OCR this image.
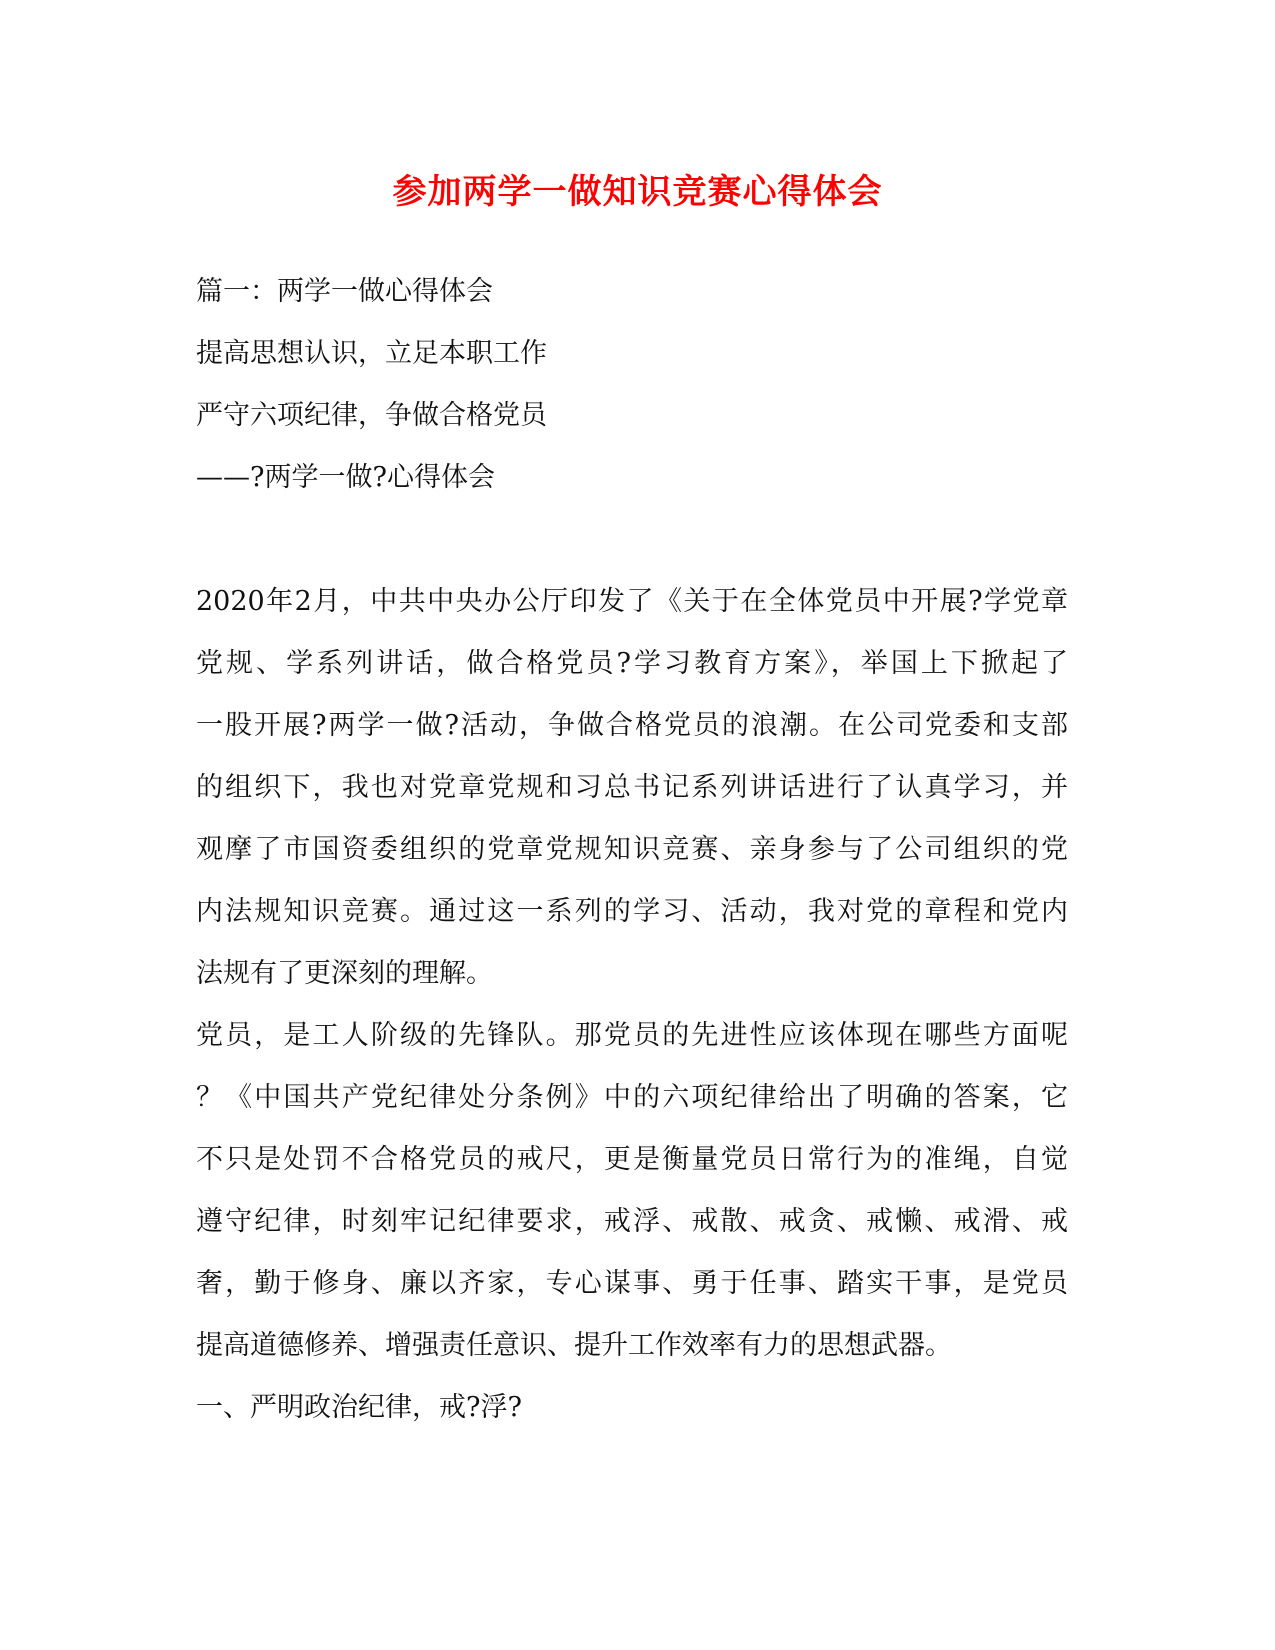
参加两学一做知识竞赛心得体会

篇一：两学一做心得体会

提高思想认识，立足本职工作

严守六项纪律，争做合格党员

——?两学一做?心得体会

2020年2月，中共中央办公厅印发了《关于在全体党员中开展?学党章

党规、学系列讲话，做合格党员?学习教育方案》，举国上下掀起了

一股开展?两学一做?活动，争做合格党员的浪潮。在公司党委和支部

的组织下，我也对党章党规和习总书记系列讲话进行了认真学习，并

观摩了市国资委组织的党章党规知识竞赛、亲身参与了公司组织的党

内法规知识竞赛。通过这一系列的学习、活动，我对党的章程和党内

法规有了更深刻的理解。

党员，是工人阶级的先锋队。那党员的先进性应该体现在哪些方面呢

？《中国共产党纪律处分条例》中的六项纪律给出了明确的答案，它

不只是处罚不合格党员的戒尺，更是衡量党员日常行为的准绳，自觉

遵守纪律，时刻牢记纪律要求，戒浮、戒散、戒贪、戒懒、戒滑、戒

奢，勤于修身、廉以齐家，专心谋事、勇于任事、踏实干事，是党员

提高道德修养、增强责任意识、提升工作效率有力的思想武器。

一、严明政治纪律，戒?浮?
